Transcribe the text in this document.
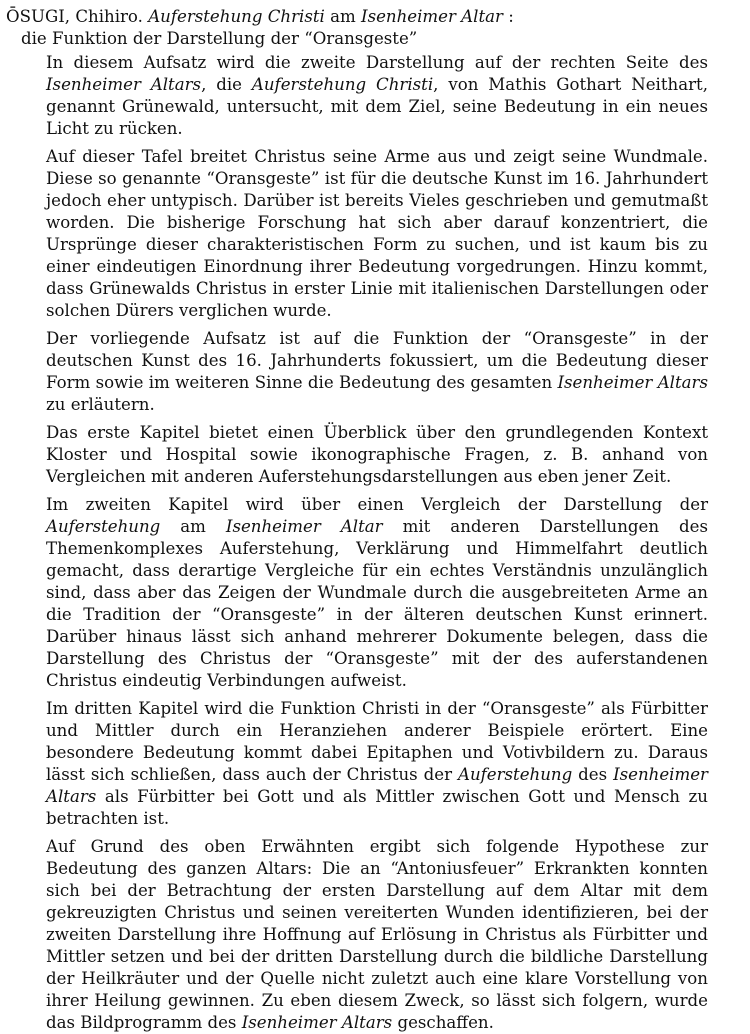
ŌSUGI, Chihiro. Auferstehung Christi am Isenheimer Altar :
die Funktion der Darstellung der “Oransgeste”

In diesem Aufsatz wird die zweite Darstellung auf der rechten Seite des Isenheimer Altars, die Auferstehung Christi, von Mathis Gothart Neithart, genannt Grünewald, untersucht, mit dem Ziel, seine Bedeutung in ein neues Licht zu rücken.

Auf dieser Tafel breitet Christus seine Arme aus und zeigt seine Wundmale. Diese so genannte “Oransgeste” ist für die deutsche Kunst im 16. Jahrhundert jedoch eher untypisch. Darüber ist bereits Vieles geschrieben und gemutmaßt worden. Die bisherige Forschung hat sich aber darauf konzentriert, die Ursprünge dieser charakteristischen Form zu suchen, und ist kaum bis zu einer eindeutigen Einordnung ihrer Bedeutung vorgedrungen. Hinzu kommt, dass Grünewalds Christus in erster Linie mit italienischen Darstellungen oder solchen Dürers verglichen wurde.

Der vorliegende Aufsatz ist auf die Funktion der “Oransgeste” in der deutschen Kunst des 16. Jahrhunderts fokussiert, um die Bedeutung dieser Form sowie im weiteren Sinne die Bedeutung des gesamten Isenheimer Altars zu erläutern.

Das erste Kapitel bietet einen Überblick über den grundlegenden Kontext Kloster und Hospital sowie ikonographische Fragen, z. B. anhand von Vergleichen mit anderen Auferstehungsdarstellungen aus eben jener Zeit.

Im zweiten Kapitel wird über einen Vergleich der Darstellung der Auferstehung am Isenheimer Altar mit anderen Darstellungen des Themenkomplexes Auferstehung, Verklärung und Himmelfahrt deutlich gemacht, dass derartige Vergleiche für ein echtes Verständnis unzulänglich sind, dass aber das Zeigen der Wundmale durch die ausgebreiteten Arme an die Tradition der “Oransgeste” in der älteren deutschen Kunst erinnert. Darüber hinaus lässt sich anhand mehrerer Dokumente belegen, dass die Darstellung des Christus der “Oransgeste” mit der des auferstandenen Christus eindeutig Verbindungen aufweist.

Im dritten Kapitel wird die Funktion Christi in der “Oransgeste” als Fürbitter und Mittler durch ein Heranziehen anderer Beispiele erörtert. Eine besondere Bedeutung kommt dabei Epitaphen und Votivbildern zu. Daraus lässt sich schließen, dass auch der Christus der Auferstehung des Isenheimer Altars als Fürbitter bei Gott und als Mittler zwischen Gott und Mensch zu betrachten ist.

Auf Grund des oben Erwähnten ergibt sich folgende Hypothese zur Bedeutung des ganzen Altars: Die an “Antoniusfeuer” Erkrankten konnten sich bei der Betrachtung der ersten Darstellung auf dem Altar mit dem gekreuzigten Christus und seinen vereiterten Wunden identifizieren, bei der zweiten Darstellung ihre Hoffnung auf Erlösung in Christus als Fürbitter und Mittler setzen und bei der dritten Darstellung durch die bildliche Darstellung der Heilkräuter und der Quelle nicht zuletzt auch eine klare Vorstellung von ihrer Heilung gewinnen. Zu eben diesem Zweck, so lässt sich folgern, wurde das Bildprogramm des Isenheimer Altars geschaffen.
